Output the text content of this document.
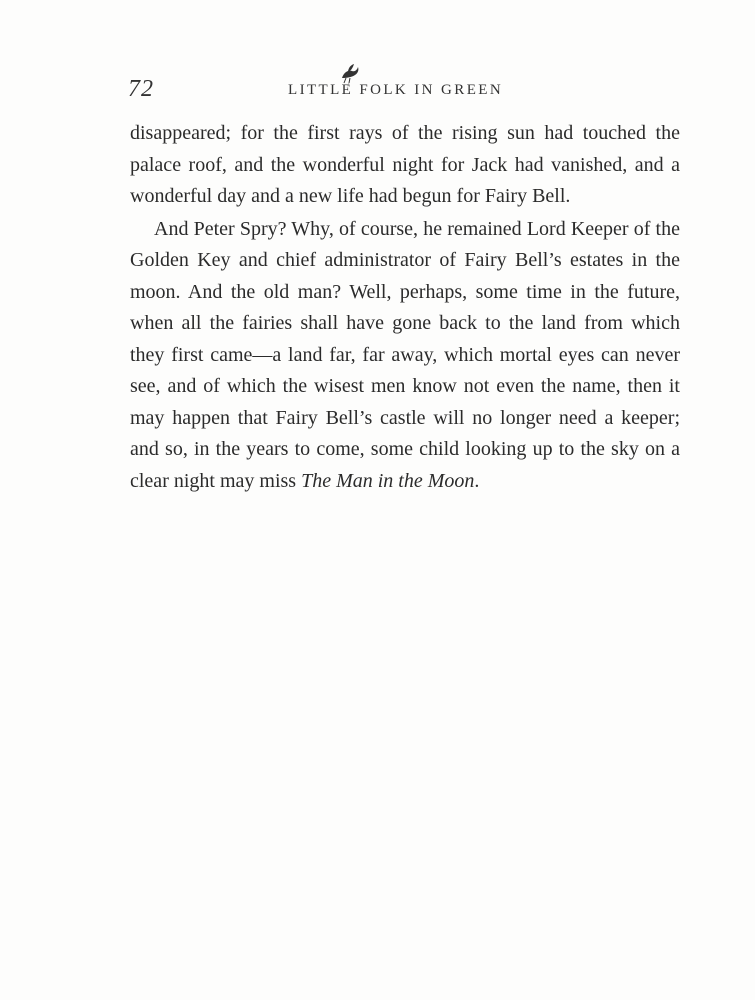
72	LITTLE FOLK IN GREEN

disappeared; for the first rays of the rising sun had touched the palace roof, and the wonderful night for Jack had vanished, and a wonderful day and a new life had begun for Fairy Bell.

And Peter Spry? Why, of course, he remained Lord Keeper of the Golden Key and chief administrator of Fairy Bell’s estates in the moon. And the old man? Well, perhaps, some time in the future, when all the fairies shall have gone back to the land from which they first came—a land far, far away, which mortal eyes can never see, and of which the wisest men know not even the name, then it may happen that Fairy Bell’s castle will no longer need a keeper; and so, in the years to come, some child looking up to the sky on a clear night may miss The Man in the Moon.
